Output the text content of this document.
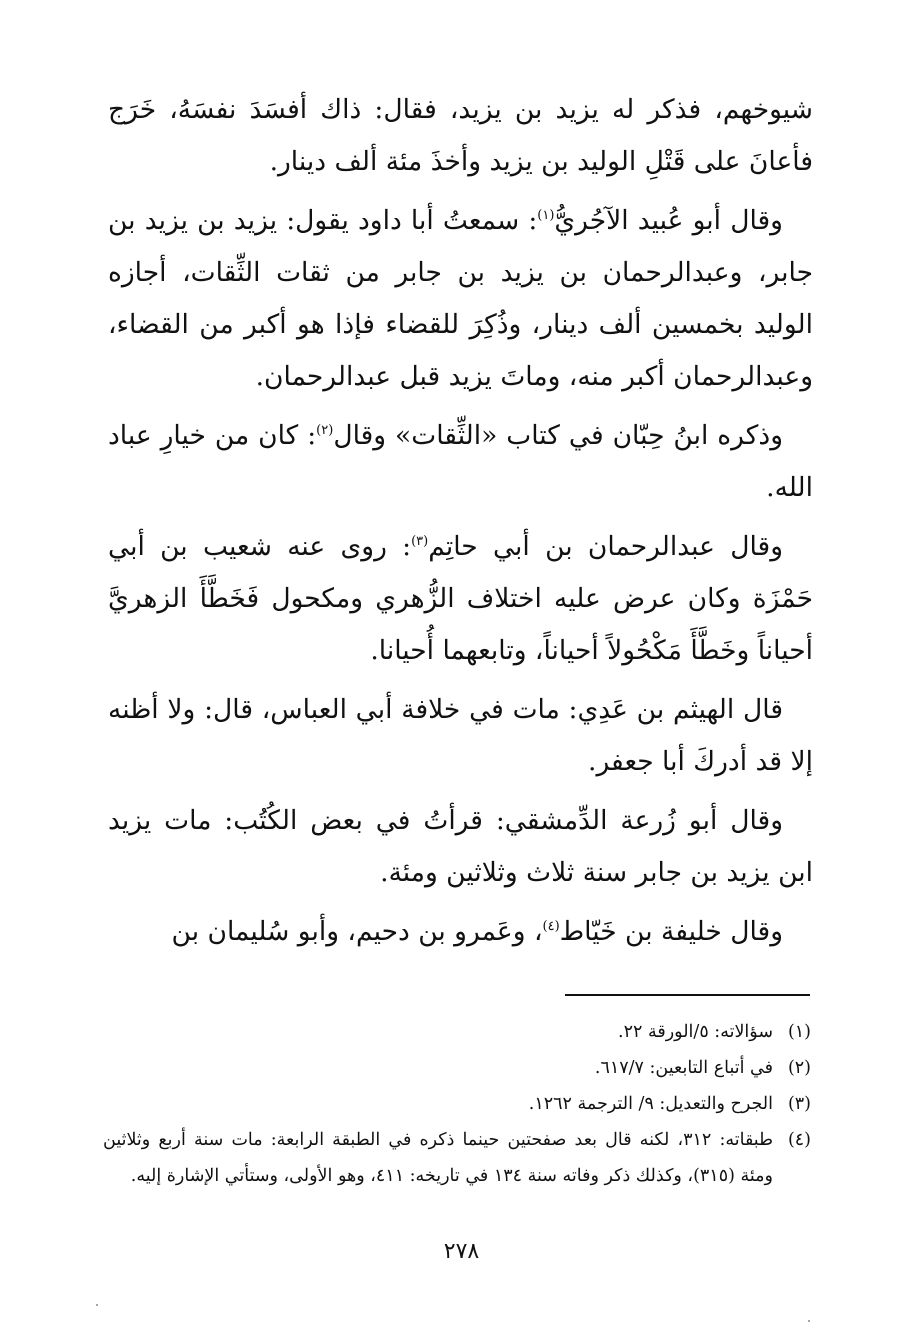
شيوخهم، فذكر له يزيد بن يزيد، فقال: ذاك أفسَدَ نفسَهُ، خَرَج فأعانَ على قَتْلِ الوليد بن يزيد وأخذَ مئة ألف دينار.

وقال أبو عُبيد الآجُريُّ$^{(١)}$: سمعتُ أبا داود يقول: يزيد بن يزيد بن جابر، وعبدالرحمان بن يزيد بن جابر من ثقات الثِّقات، أجازه الوليد بخمسين ألف دينار، وذُكِرَ للقضاء فإذا هو أكبر من القضاء، وعبدالرحمان أكبر منه، وماتَ يزيد قبل عبدالرحمان.

وذكره ابنُ حِبّان في كتاب «الثِّقات» وقال$^{(٢)}$: كان من خيارِ عباد الله.

وقال عبدالرحمان بن أبي حاتِم$^{(٣)}$: روى عنه شعيب بن أبي حَمْزَة وكان عرض عليه اختلاف الزُّهري ومكحول فَخَطَّأَ الزهريَّ أحياناً وخَطَّأَ مَكْحُولاً أحياناً، وتابعهما أُحيانا.

قال الهيثم بن عَدِي: مات في خلافة أبي العباس، قال: ولا أظنه إلا قد أدركَ أبا جعفر.

وقال أبو زُرعة الدِّمشقي: قرأتُ في بعض الكُتُب: مات يزيد ابن يزيد بن جابر سنة ثلاث وثلاثين ومئة.

وقال خليفة بن خَيّاط$^{(٤)}$، وعَمرو بن دحيم، وأبو سُليمان بن

(١)
سؤالاته: ٥/الورقة ٢٢.
(٢)
في أتباع التابعين: ٦١٧/٧.
(٣)
الجرح والتعديل: ٩/ الترجمة ١٢٦٢.
(٤)
طبقاته: ٣١٢، لكنه قال بعد صفحتين حينما ذكره في الطبقة الرابعة: مات سنة أربع وثلاثين ومئة (٣١٥)، وكذلك ذكر وفاته سنة ١٣٤ في تاريخه: ٤١١، وهو الأولى، وستأتي الإشارة إليه.
٢٧٨
